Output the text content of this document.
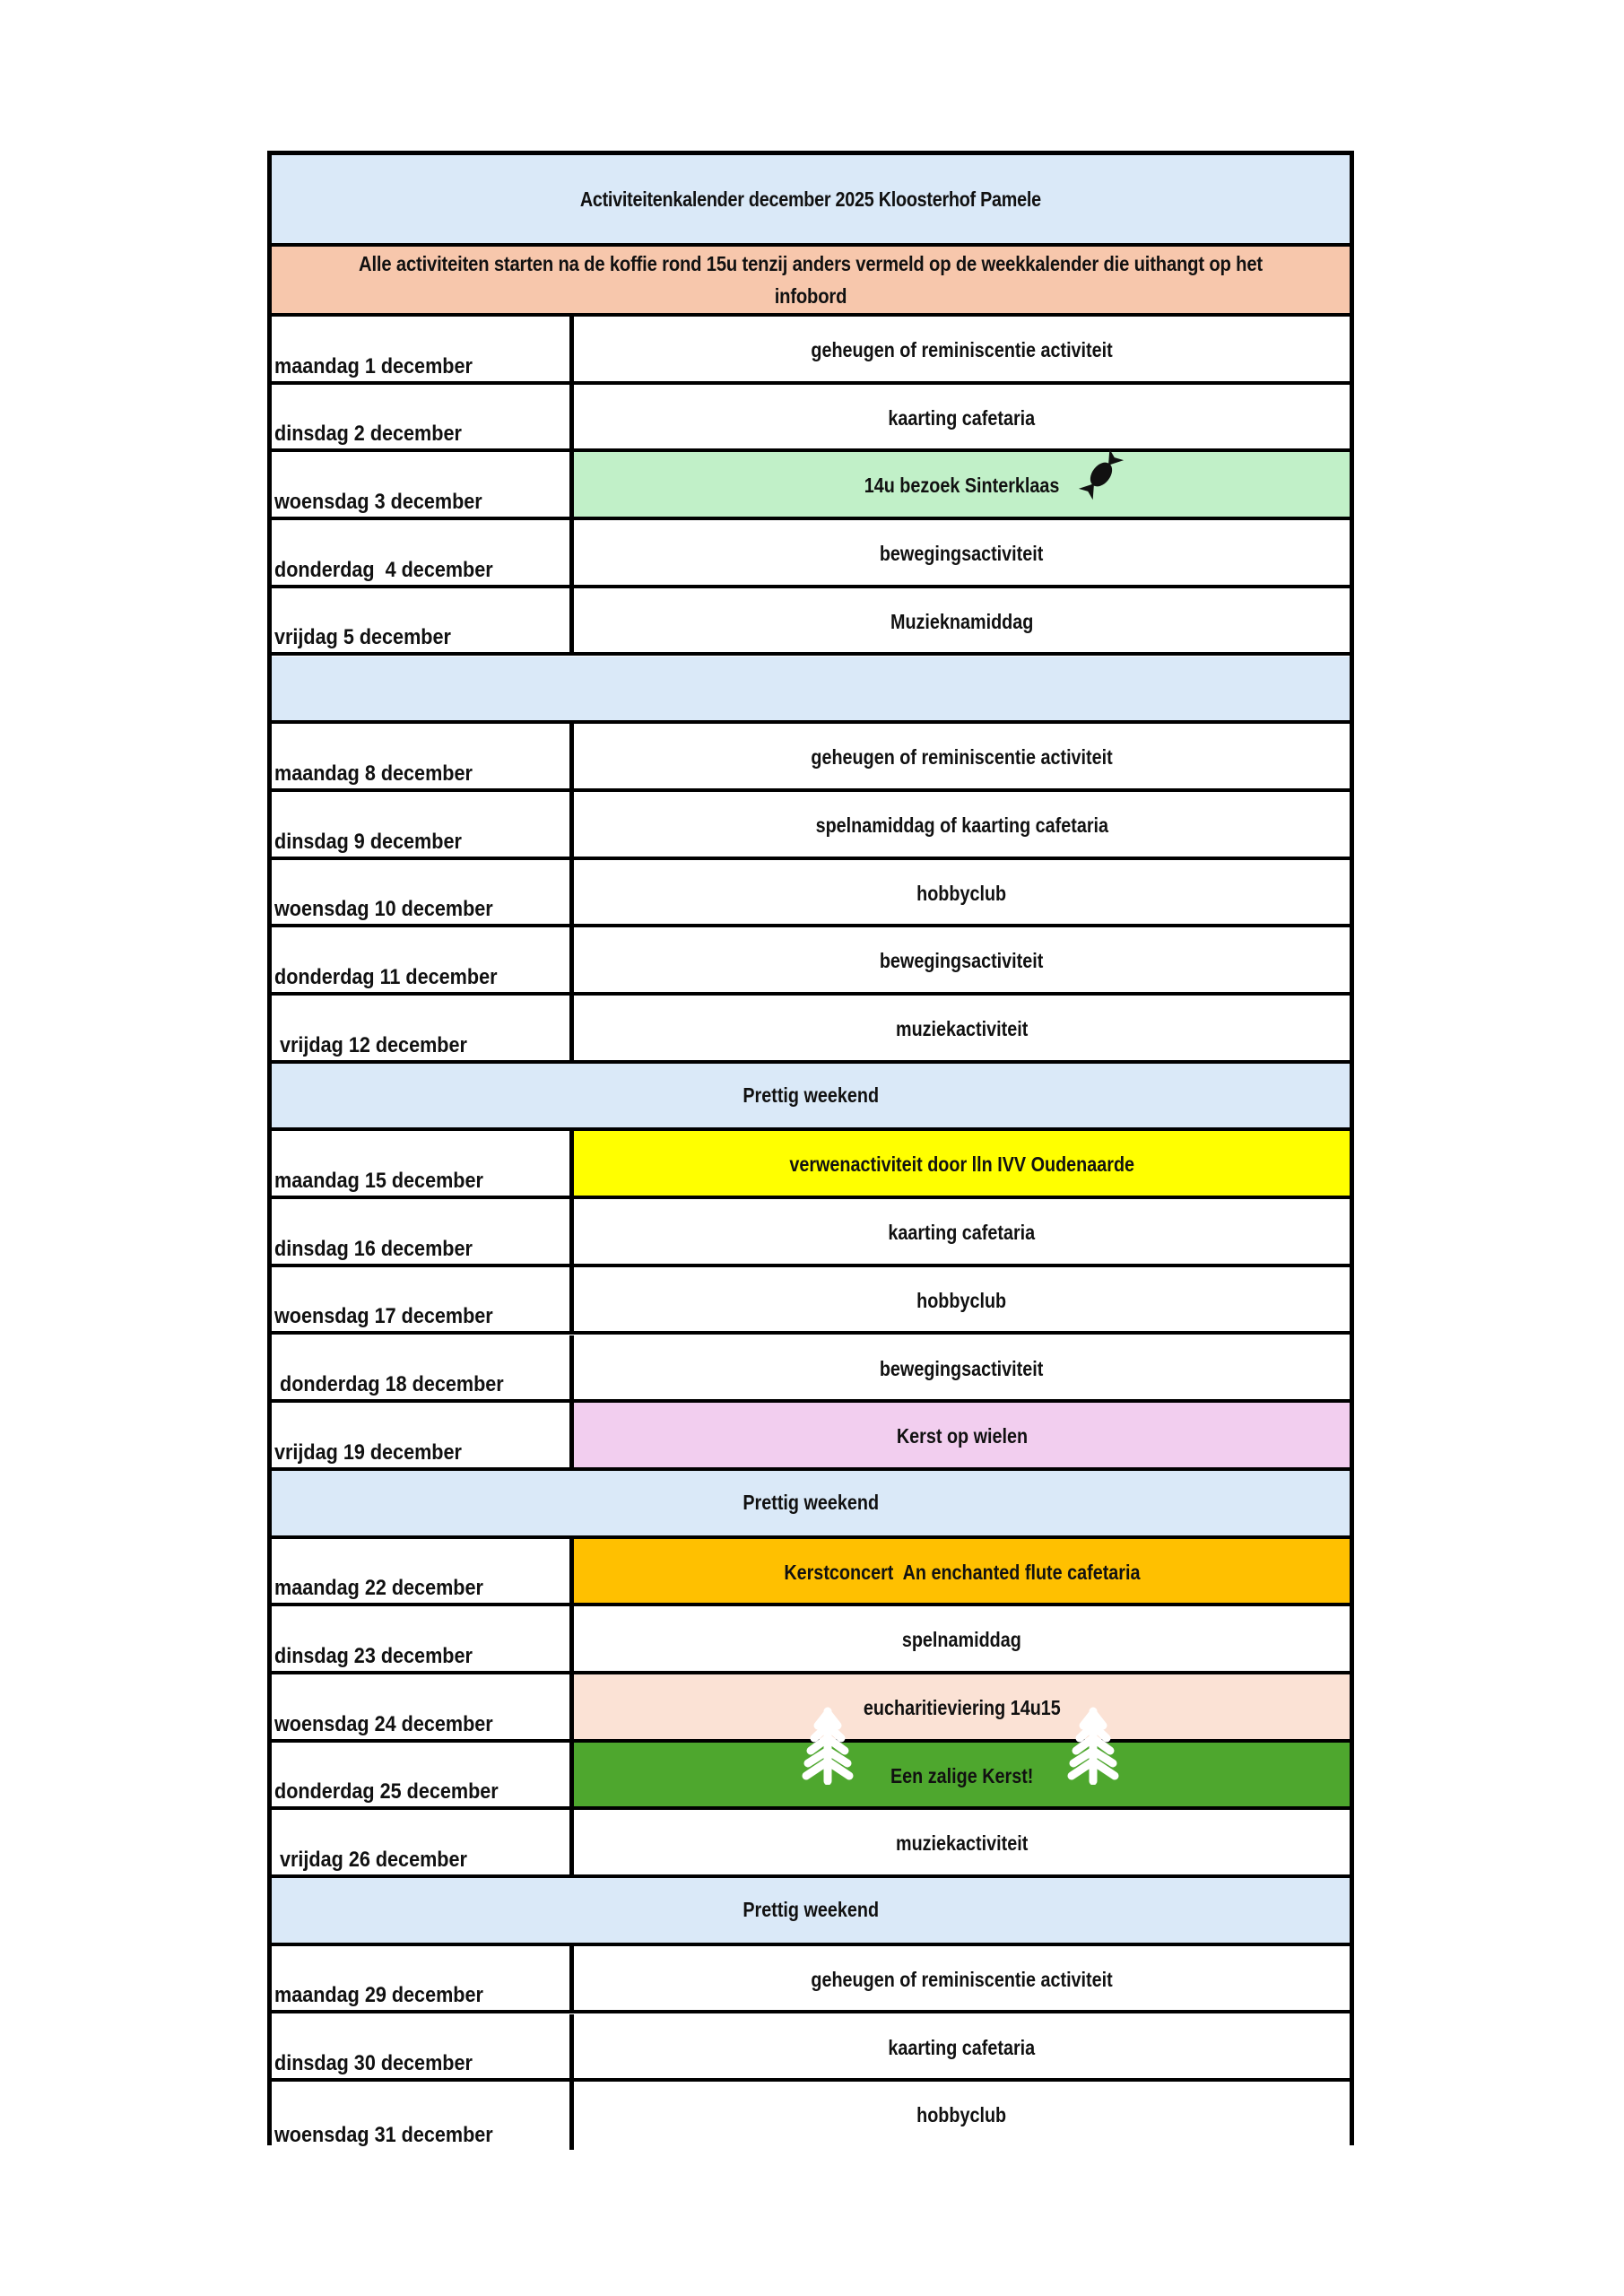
Activiteitenkalender december 2025 Kloosterhof Pamele
Alle activiteiten starten na de koffie rond 15u tenzij anders vermeld op de weekkalender die uithangt op het infobord
maandag 1 december
geheugen of reminiscentie activiteit
dinsdag 2 december
kaarting cafetaria
woensdag 3 december
14u bezoek Sinterklaas
donderdag  4 december
bewegingsactiviteit
vrijdag 5 december
Muzieknamiddag
maandag 8 december
geheugen of reminiscentie activiteit
dinsdag 9 december
spelnamiddag of kaarting cafetaria
woensdag 10 december
hobbyclub
donderdag 11 december
bewegingsactiviteit
vrijdag 12 december
muziekactiviteit
Prettig weekend
maandag 15 december
verwenactiviteit door lln IVV Oudenaarde
dinsdag 16 december
kaarting cafetaria
woensdag 17 december
hobbyclub
donderdag 18 december
bewegingsactiviteit
vrijdag 19 december
Kerst op wielen
Prettig weekend
maandag 22 december
Kerstconcert  An enchanted flute cafetaria
dinsdag 23 december
spelnamiddag
woensdag 24 december
eucharitieviering 14u15
donderdag 25 december
Een zalige Kerst!
vrijdag 26 december
muziekactiviteit
Prettig weekend
maandag 29 december
geheugen of reminiscentie activiteit
dinsdag 30 december
kaarting cafetaria
woensdag 31 december
hobbyclub
